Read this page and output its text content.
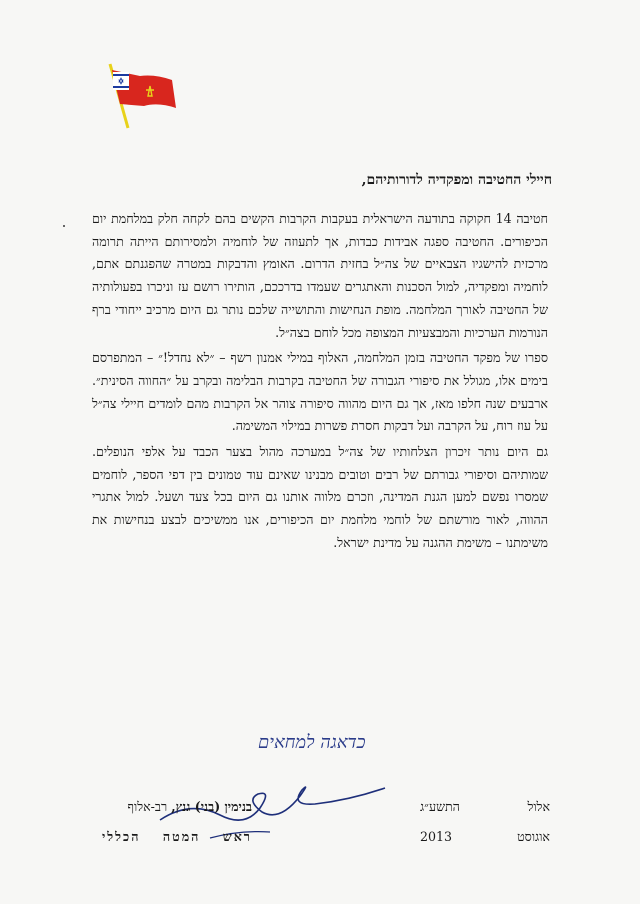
חיילי החטיבה ומפקדיה לדורותיהם,

חטיבה 14 חקוקה בתודעה הישראלית בעקבות הקרבות הקשים בהם לקחה חלק במלחמת יום הכיפורים. החטיבה ספגה אבידות כבדות, אך לתעוזה של לוחמיה ולמסירותם הייתה תרומה מרכזית להישגיו הצבאיים של צה״ל בחזית הדרום. האומץ והדבקות במטרה שהפגנתם אתם, לוחמיה ומפקדיה, למול הסכנות והאתגרים שעמדו בדרככם, הותירו רושם עז וניכרו בפעולותיה של החטיבה לאורך המלחמה. מופת הנחישות והתושייה שלכם נותר גם היום מרכיב ייחודי ברף הנורמות הערכיות והמבצעיות המצופה מכל לוחם בצה״ל.

ספרו של מפקד החטיבה בזמן המלחמה, האלוף במילי אמנון רשף – ״לא נחדל!״ – המתפרסם בימים אלו, מגולל את סיפורי הגבורה של החטיבה בקרבות הבלימה ובקרב על ״החווה הסינית״. ארבעים שנה חלפו מאז, אך גם היום מהווה סיפורה צוהר אל הקרבות מהם לומדים חיילי צה״ל על עוז רוח, על הקרבה ועל דבקות חסרת פשרות במילוי המשימה.

גם היום נותר זיכרון הצלחותיו של צה״ל במערכה מהול בצער הכבד על אלפי הנופלים. שמותיהם וסיפורי גבורתם של רבים וטובים מבנינו שאינם עוד טמונים בין דפי הספר, לוחמים שמסרו נפשם למען הגנת המדינה, וזכרם מלווה אותנו גם היום בכל צעד ושעל. למול אתגרי ההווה, לאור מורשתם של לוחמי מלחמת יום הכיפורים, אנו ממשיכים לבצע בנחישות את משימתנו – משימת ההגנה על מדינת ישראל.

כדאגה למחאים
בנימין (בני) גנץ, רב-אלוף
ראש המטה הכללי
אלול
התשע״ג
אוגוסט
2013
